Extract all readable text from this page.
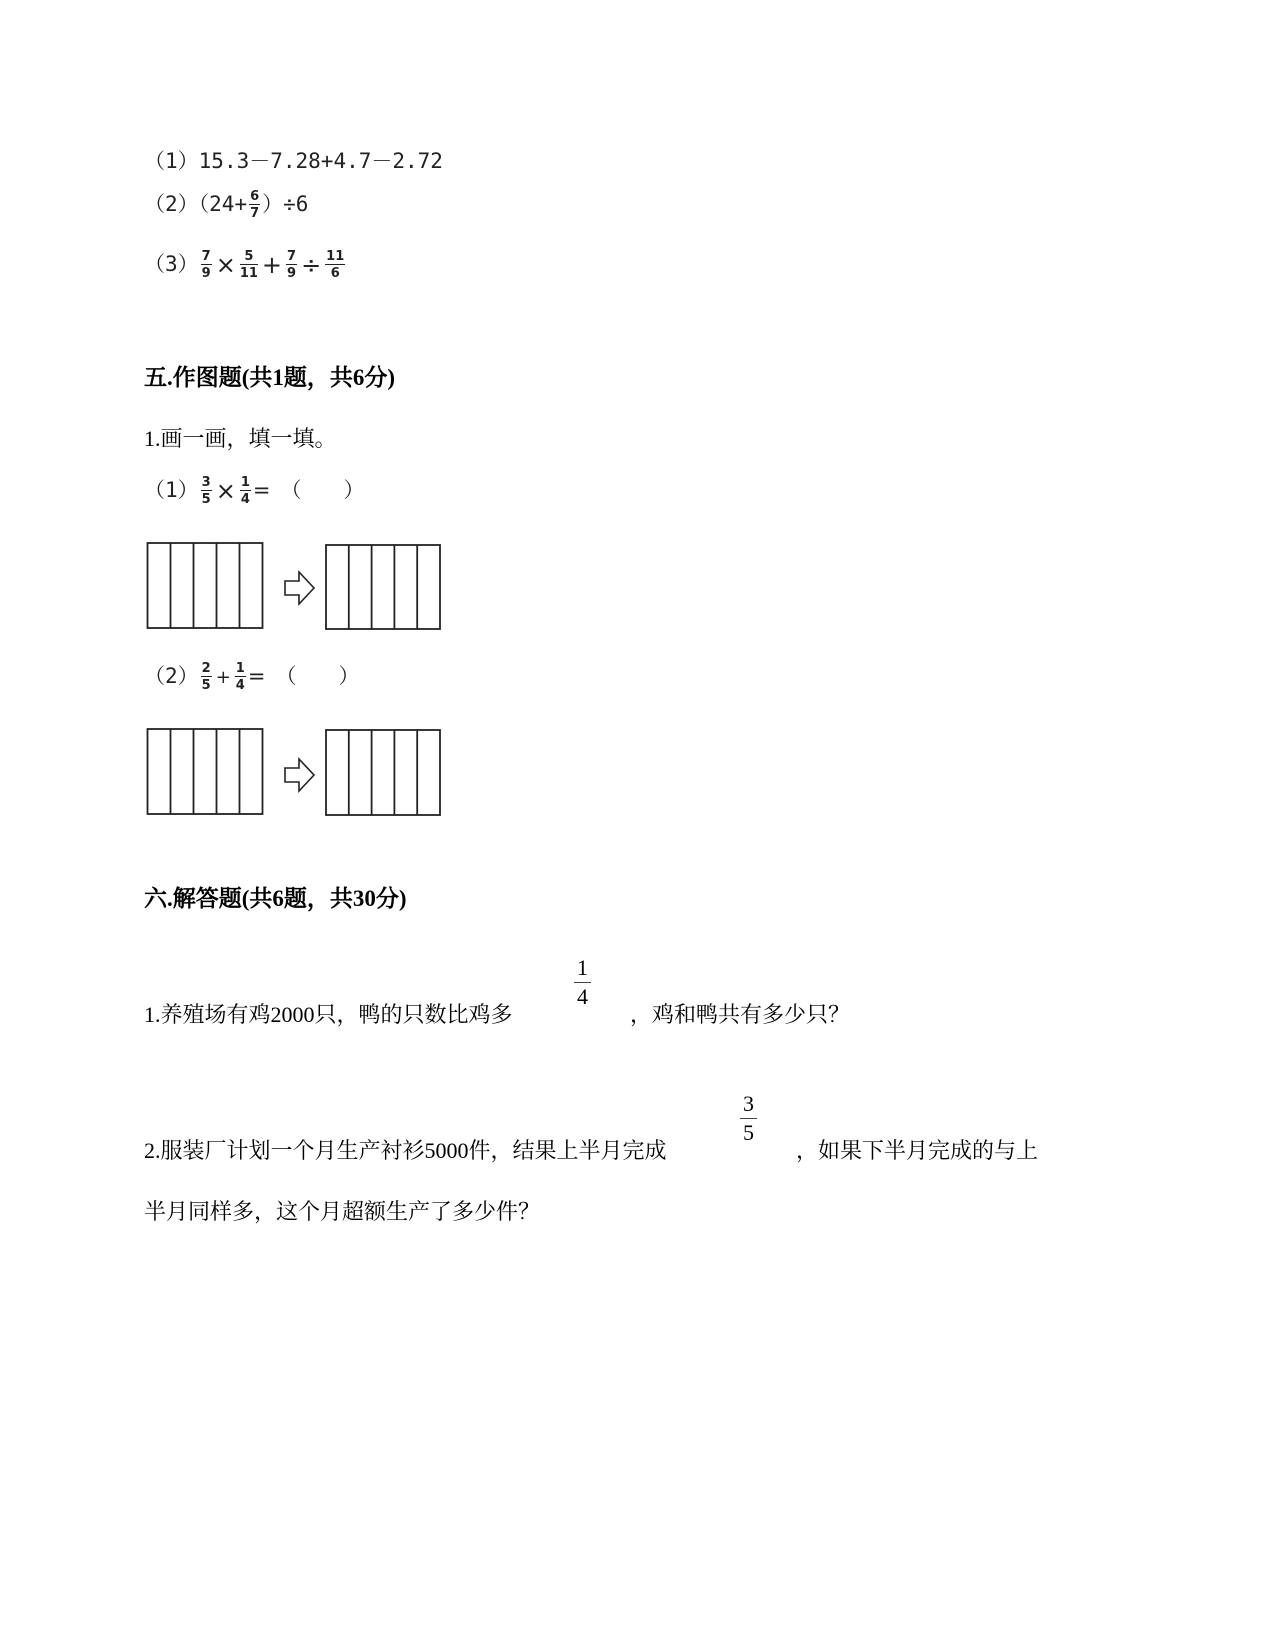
（1）15.3－7.28+4.7－2.72
$(2)(24+ \frac{6}{7} )\div 6$
$(3) \frac{7}{9} \times \frac{5}{11} + \frac{7}{9} \div \frac{11}{6}$
五.作图题(共1题，共6分)
1.画一画，填一填。
$(1) \frac{3}{5} \times \frac{1}{4}$ = （　　）
$(2) \frac{2}{5} + \frac{1}{4}$ = （　　）
六.解答题(共6题，共30分)
1.养殖场有鸡2000只，鸭的只数比鸡多
$\frac{1}{4}$
，鸡和鸭共有多少只？
2.服装厂计划一个月生产衬衫5000件，结果上半月完成
$\frac{3}{5}$
，如果下半月完成的与上
半月同样多，这个月超额生产了多少件？
